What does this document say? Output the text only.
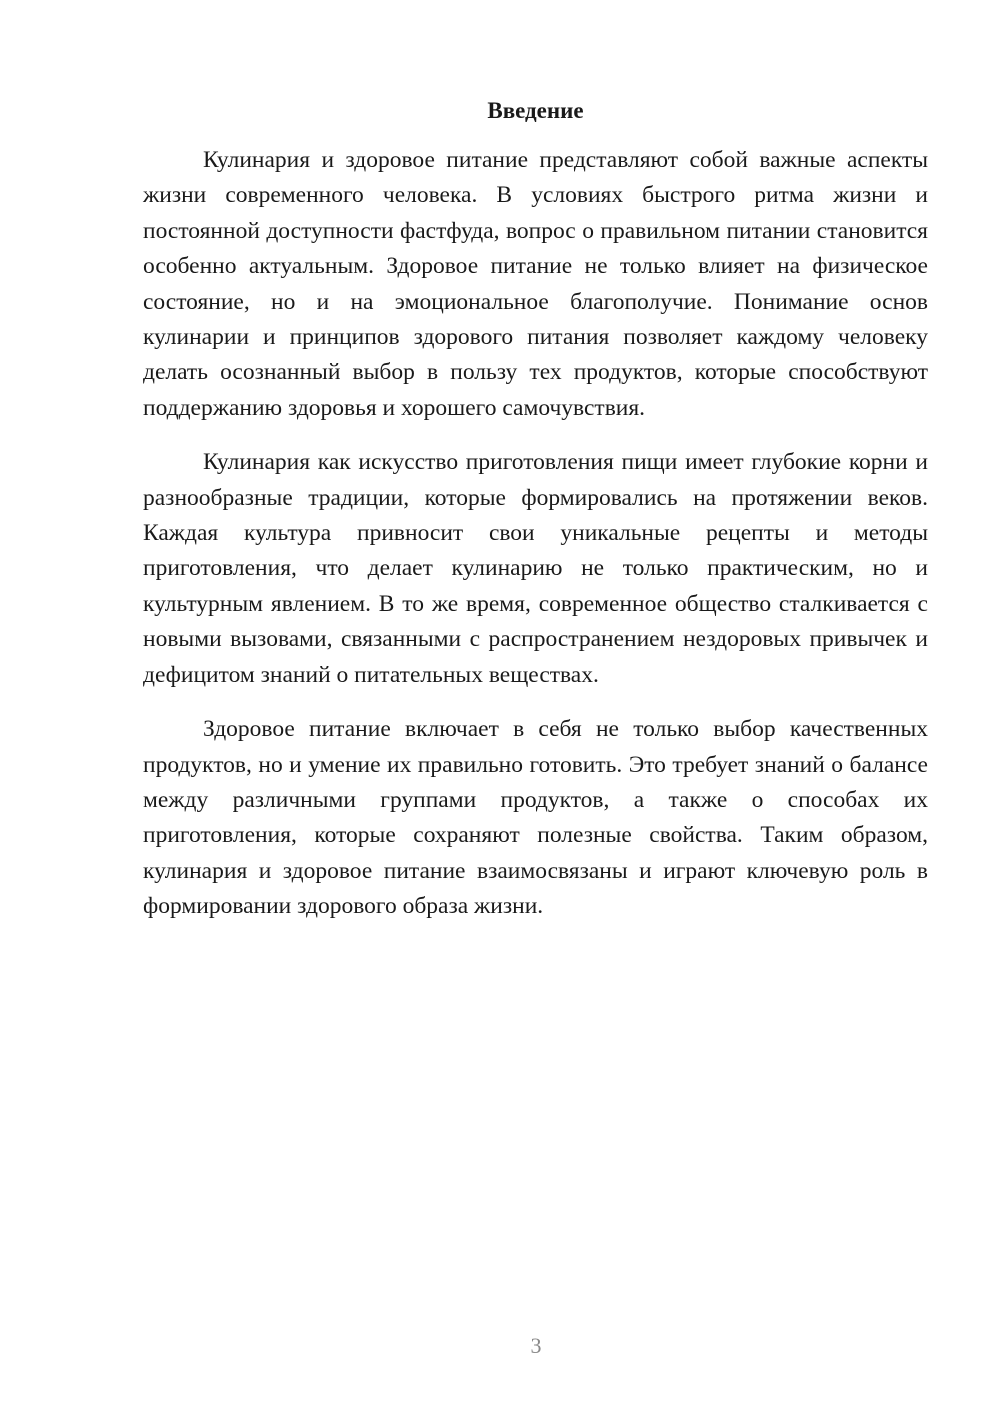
Введение

Кулинария и здоровое питание представляют собой важные аспекты жизни современного человека. В условиях быстрого ритма жизни и постоянной доступности фастфуда, вопрос о правильном питании становится особенно актуальным. Здоровое питание не только влияет на физическое состояние, но и на эмоциональное благополучие. Понимание основ кулинарии и принципов здорового питания позволяет каждому человеку делать осознанный выбор в пользу тех продуктов, которые способствуют поддержанию здоровья и хорошего самочувствия.

Кулинария как искусство приготовления пищи имеет глубокие корни и разнообразные традиции, которые формировались на протяжении веков. Каждая культура привносит свои уникальные рецепты и методы приготовления, что делает кулинарию не только практическим, но и культурным явлением. В то же время, современное общество сталкивается с новыми вызовами, связанными с распространением нездоровых привычек и дефицитом знаний о питательных веществах.

Здоровое питание включает в себя не только выбор качественных продуктов, но и умение их правильно готовить. Это требует знаний о балансе между различными группами продуктов, а также о способах их приготовления, которые сохраняют полезные свойства. Таким образом, кулинария и здоровое питание взаимосвязаны и играют ключевую роль в формировании здорового образа жизни.

3
